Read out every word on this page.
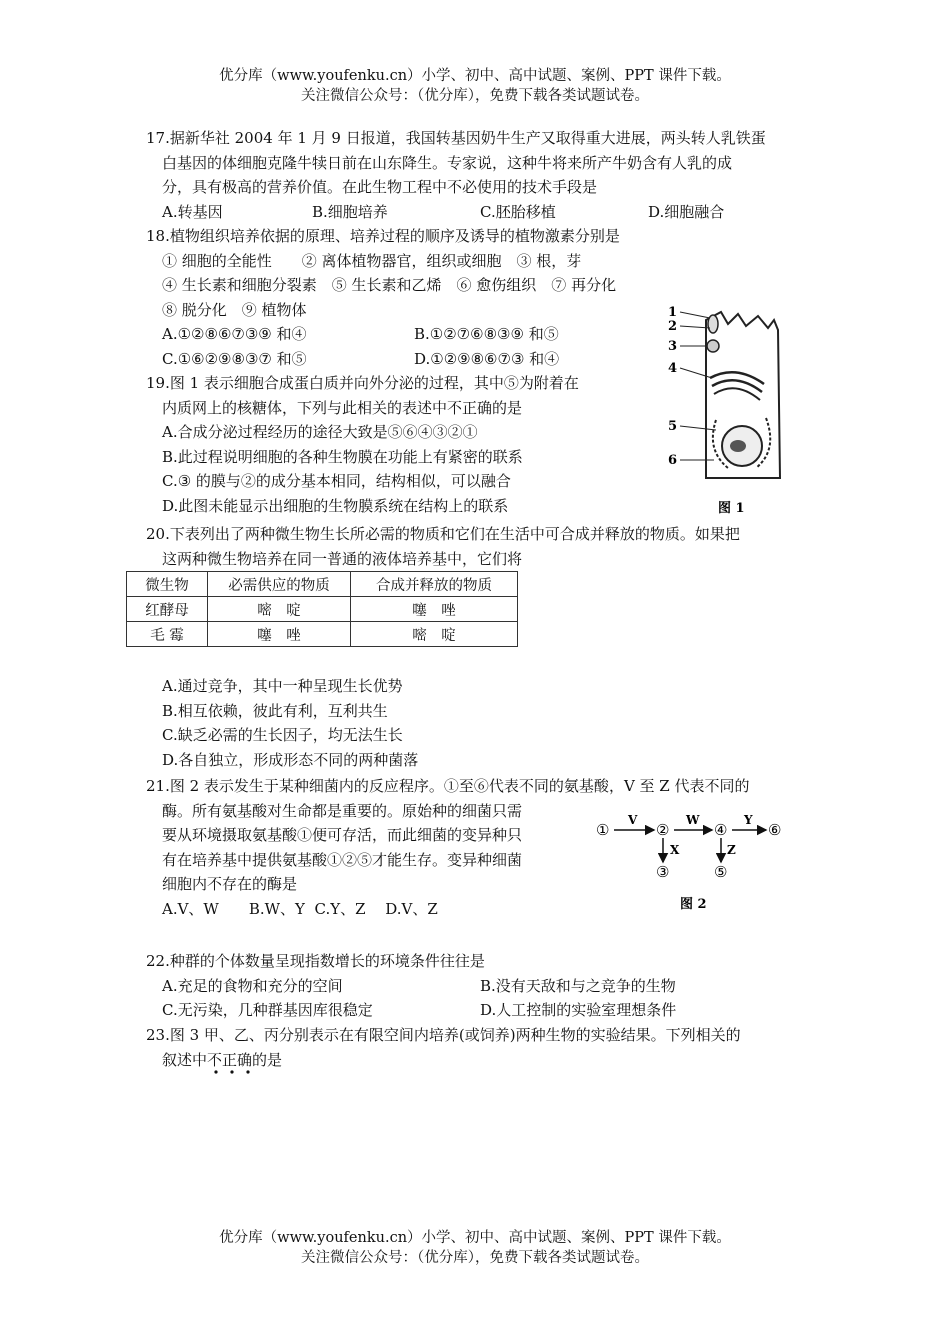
优分库（www.youfenku.cn）小学、初中、高中试题、案例、PPT 课件下载。
关注微信公众号：（优分库），免费下载各类试题试卷。
17.据新华社 2004 年 1 月 9 日报道，我国转基因奶牛生产又取得重大进展，两头转人乳铁蛋
白基因的体细胞克隆牛犊日前在山东降生。专家说，这种牛将来所产牛奶含有人乳的成
分，具有极高的营养价值。在此生物工程中不必使用的技术手段是
A.转基因	B.细胞培养	C.胚胎移植	D.细胞融合
18.植物组织培养依据的原理、培养过程的顺序及诱导的植物激素分别是
① 细胞的全能性　　② 离体植物器官，组织或细胞　③ 根，芽
④ 生长素和细胞分裂素　⑤ 生长素和乙烯　⑥ 愈伤组织　⑦ 再分化
⑧ 脱分化　⑨ 植物体
A.①②⑧⑥⑦③⑨ 和④	B.①②⑦⑥⑧③⑨ 和⑤
C.①⑥②⑨⑧③⑦ 和⑤	D.①②⑨⑧⑥⑦③ 和④
19.图 1 表示细胞合成蛋白质并向外分泌的过程，其中⑤为附着在
内质网上的核糖体，下列与此相关的表述中不正确的是
A.合成分泌过程经历的途径大致是⑤⑥④③②①
B.此过程说明细胞的各种生物膜在功能上有紧密的联系
C.③ 的膜与②的成分基本相同，结构相似，可以融合
D.此图未能显示出细胞的生物膜系统在结构上的联系
1
2
3
4
5
6
图 1
20.下表列出了两种微生物生长所必需的物质和它们在生活中可合成并释放的物质。如果把
这两种微生物培养在同一普通的液体培养基中，它们将
微生物	必需供应的物质	合成并释放的物质
红酵母	嘧　啶	噻　唑
毛 霉	噻　唑	嘧　啶
A.通过竞争，其中一种呈现生长优势
B.相互依赖，彼此有利，互利共生
C.缺乏必需的生长因子，均无法生长
D.各自独立，形成形态不同的两种菌落
21.图 2 表示发生于某种细菌内的反应程序。①至⑥代表不同的氨基酸，V 至 Z 代表不同的
酶。所有氨基酸对生命都是重要的。原始种的细菌只需
要从环境摄取氨基酸①便可存活，而此细菌的变异种只
有在培养基中提供氨基酸①②⑤才能生存。变异种细菌
细胞内不存在的酶是
A.V、W　　B.W、Y  C.Y、Z　 D.V、Z
①	②	④	⑥
③	⑤
V	W	Y
X	Z
图 2
22.种群的个体数量呈现指数增长的环境条件往往是
A.充足的食物和充分的空间	B.没有天敌和与之竞争的生物
C.无污染，几种群基因库很稳定	D.人工控制的实验室理想条件
23.图 3 甲、乙、丙分别表示在有限空间内培养(或饲养)两种生物的实验结果。下列相关的
叙述中不正确的是
优分库（www.youfenku.cn）小学、初中、高中试题、案例、PPT 课件下载。
关注微信公众号：（优分库），免费下载各类试题试卷。
